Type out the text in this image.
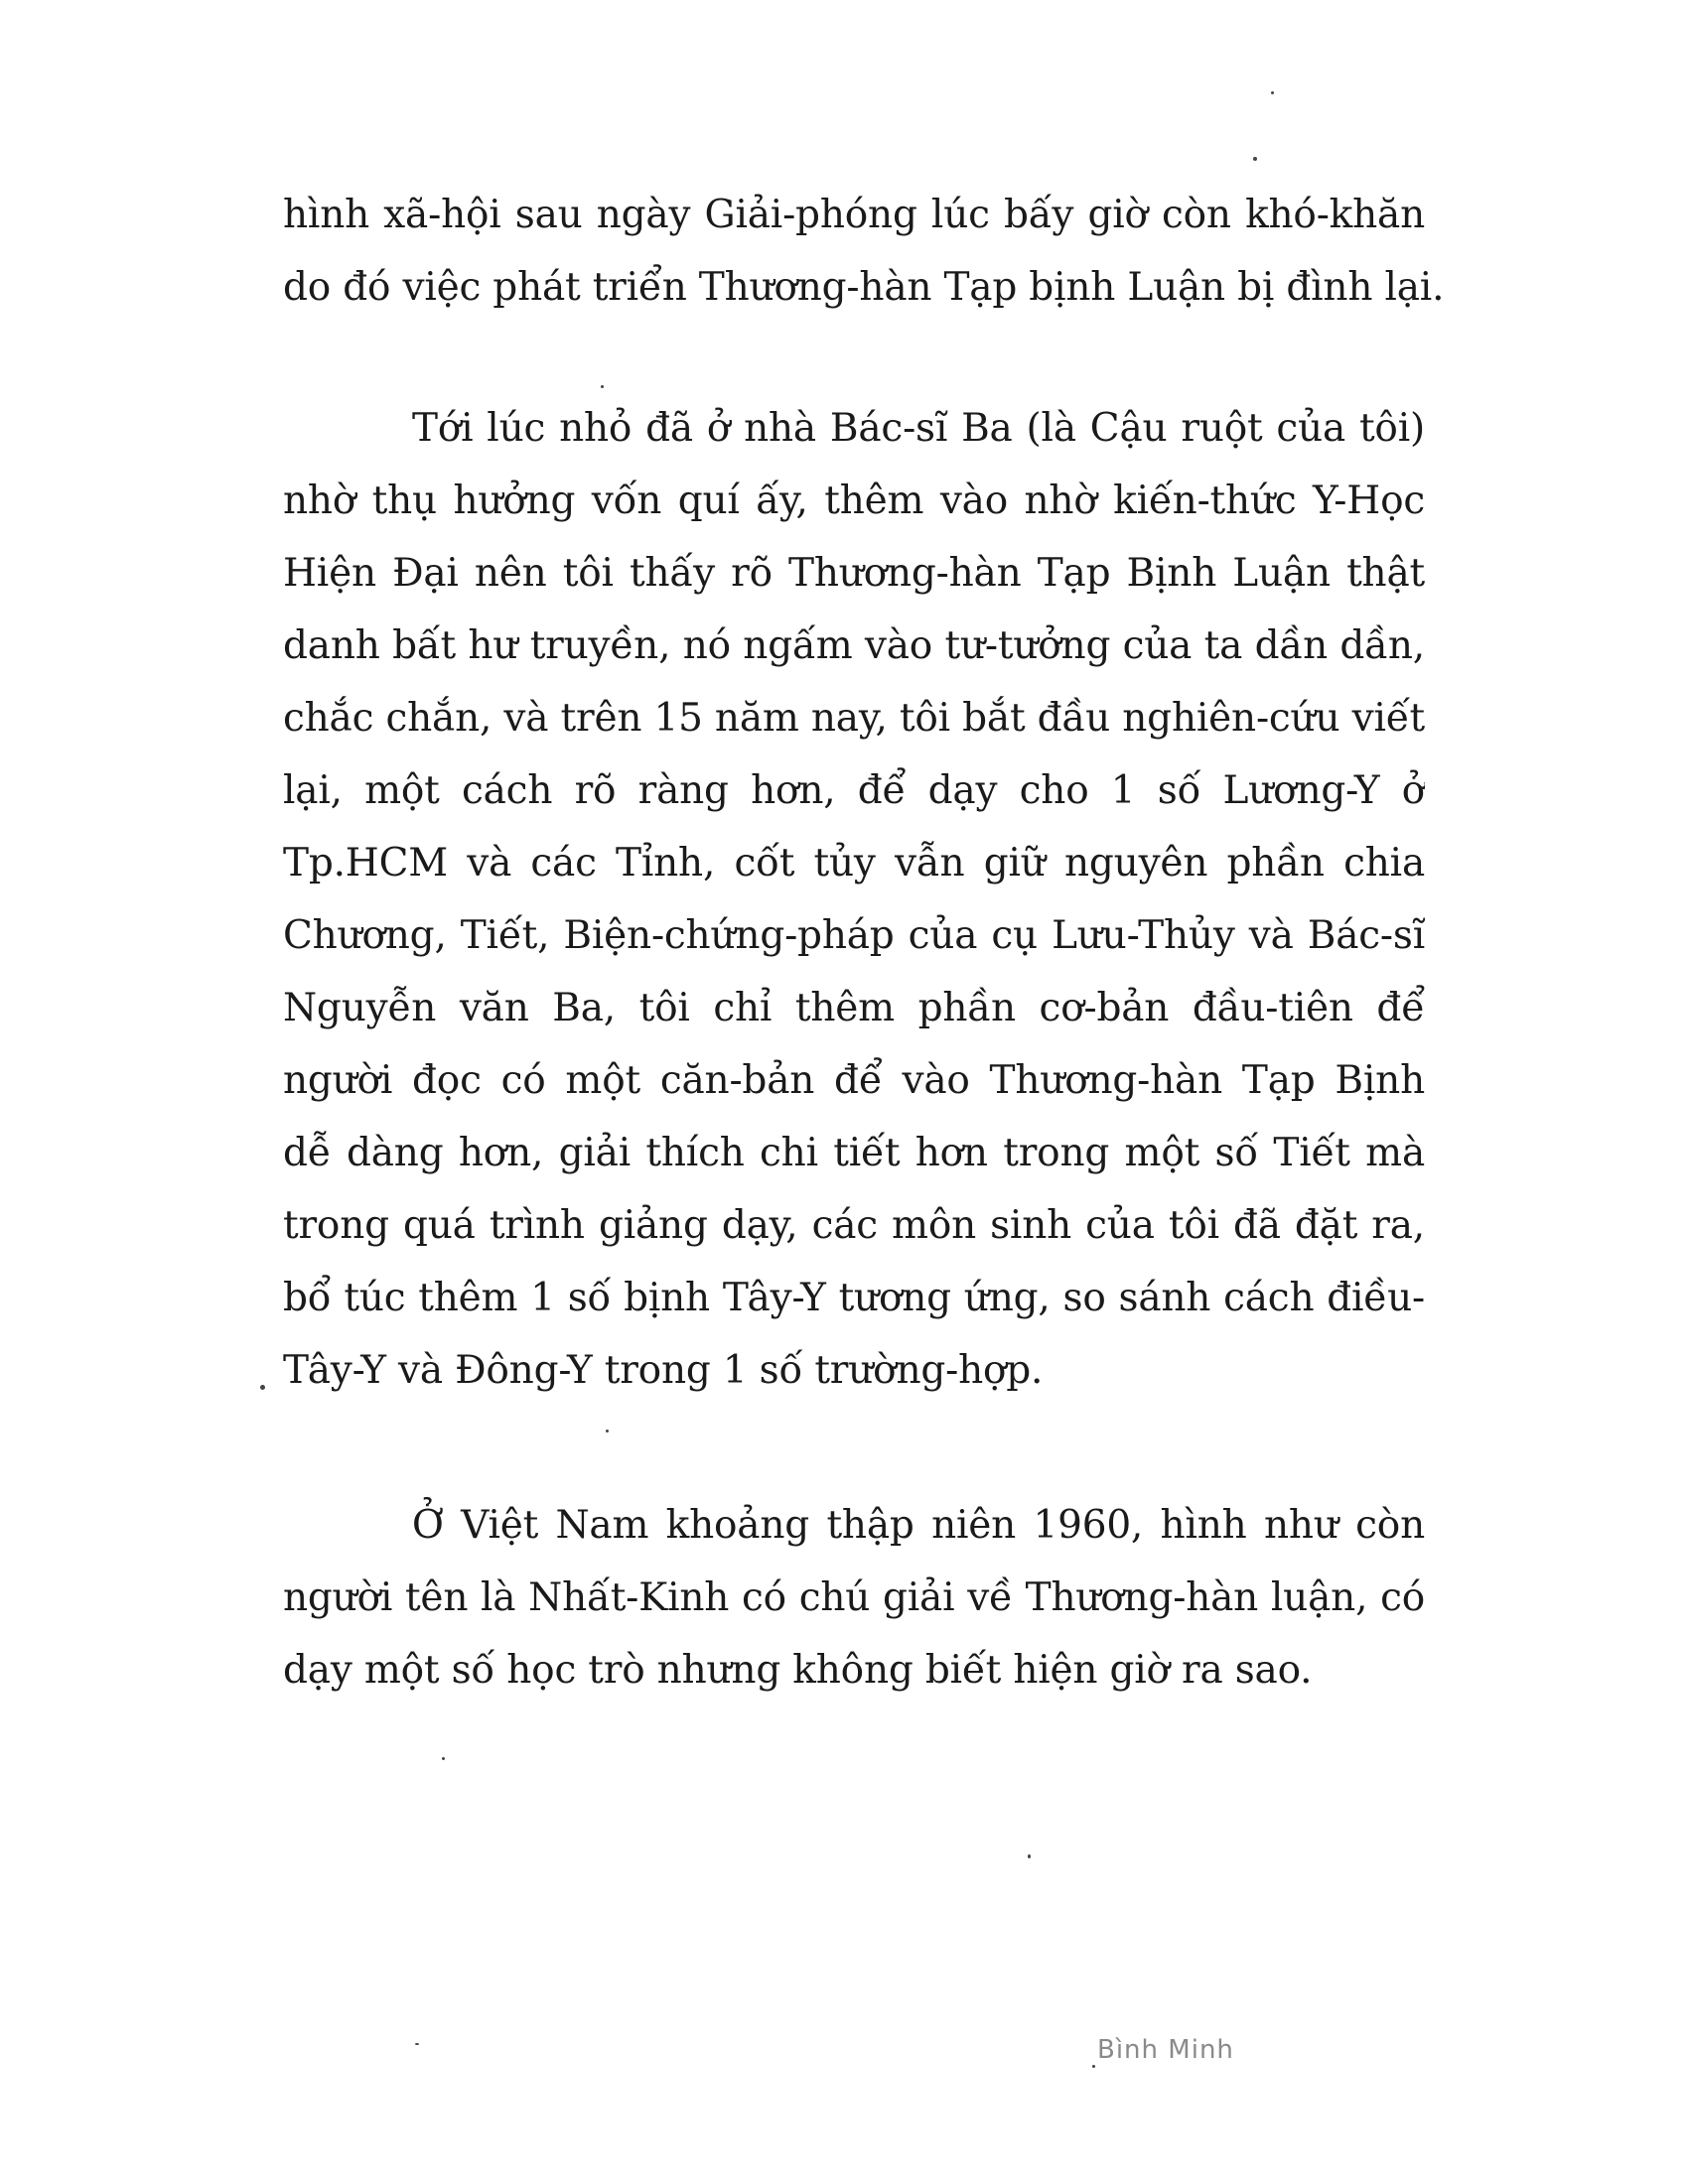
hình xã-hội sau ngày Giải-phóng lúc bấy giờ còn khó-khăn
do đó việc phát triển Thương-hàn Tạp bịnh Luận bị đình lại.
Tới lúc nhỏ đã ở nhà Bác-sĩ Ba (là Cậu ruột của tôi)
nhờ thụ hưởng vốn quí ấy, thêm vào nhờ kiến-thức Y-Học
Hiện Đại nên tôi thấy rõ Thương-hàn Tạp Bịnh Luận thật
danh bất hư truyền, nó ngấm vào tư-tưởng của ta dần dần,
chắc chắn, và trên 15 năm nay, tôi bắt đầu nghiên-cứu viết
lại, một cách rõ ràng hơn, để dạy cho 1 số Lương-Y ở
Tp.HCM và các Tỉnh, cốt tủy vẫn giữ nguyên phần chia
Chương, Tiết, Biện-chứng-pháp của cụ Lưu-Thủy và Bác-sĩ
Nguyễn văn Ba, tôi chỉ thêm phần cơ-bản đầu-tiên để
người đọc có một căn-bản để vào Thương-hàn Tạp Bịnh
dễ dàng hơn, giải thích chi tiết hơn trong một số Tiết mà
trong quá trình giảng dạy, các môn sinh của tôi đã đặt ra,
bổ túc thêm 1 số bịnh Tây-Y tương ứng, so sánh cách điều-
Tây-Y và Đông-Y trong 1 số trường-hợp.
Ở Việt Nam khoảng thập niên 1960, hình như còn
người tên là Nhất-Kinh có chú giải về Thương-hàn luận, có
dạy một số học trò nhưng không biết hiện giờ ra sao.
Bình Minh
